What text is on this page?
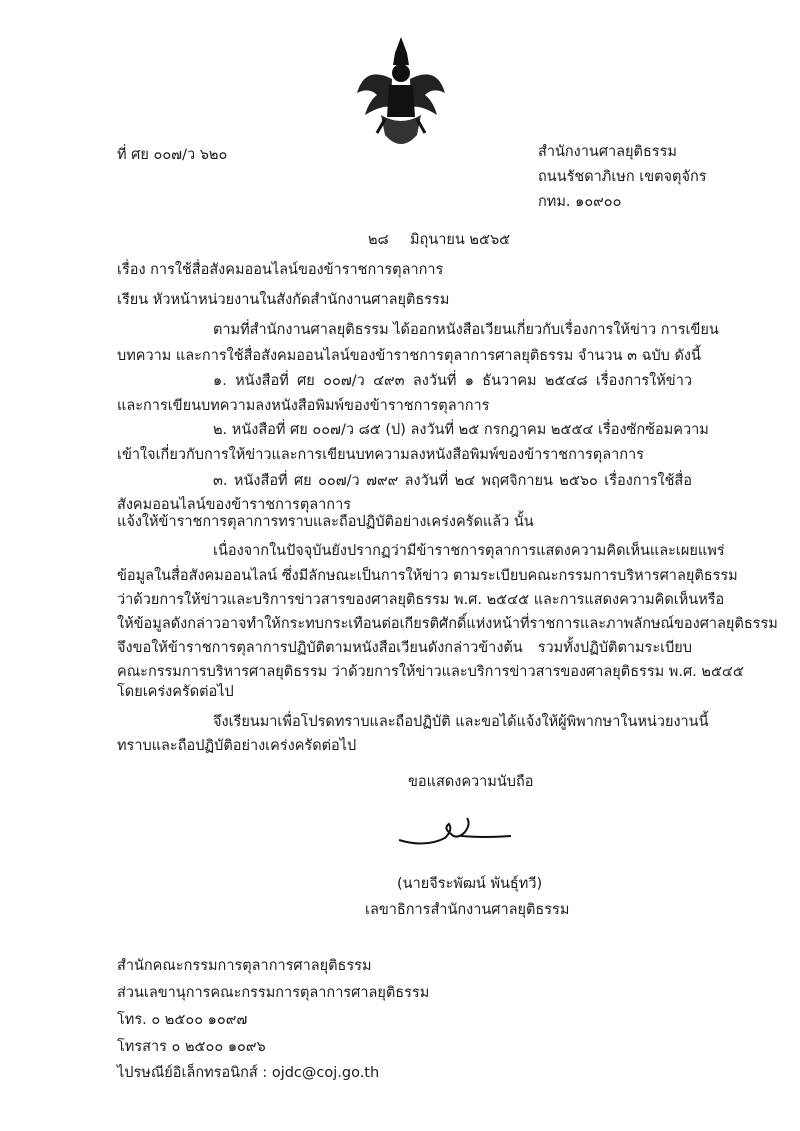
ที่ ศย ๐๐๗/ว ๖๒๐	สำนักงานศาลยุติธรรม
ถนนรัชดาภิเษก เขตจตุจักร
กทม. ๑๐๙๐๐
๒๘ มิถุนายน ๒๕๖๕
เรื่อง การใช้สื่อสังคมออนไลน์ของข้าราชการตุลาการ
เรียน หัวหน้าหน่วยงานในสังกัดสำนักงานศาลยุติธรรม
ตามที่สำนักงานศาลยุติธรรม ได้ออกหนังสือเวียนเกี่ยวกับเรื่องการให้ข่าว การเขียน
บทความ และการใช้สื่อสังคมออนไลน์ของข้าราชการตุลาการศาลยุติธรรม จำนวน ๓ ฉบับ ดังนี้
๑. หนังสือที่ ศย ๐๐๗/ว ๔๙๓ ลงวันที่ ๑ ธันวาคม ๒๕๔๘ เรื่องการให้ข่าว
และการเขียนบทความลงหนังสือพิมพ์ของข้าราชการตุลาการ
๒. หนังสือที่ ศย ๐๐๗/ว ๘๕ (ป) ลงวันที่ ๒๕ กรกฎาคม ๒๕๕๔ เรื่องซักซ้อมความ
เข้าใจเกี่ยวกับการให้ข่าวและการเขียนบทความลงหนังสือพิมพ์ของข้าราชการตุลาการ
๓. หนังสือที่ ศย ๐๐๗/ว ๗๙๙ ลงวันที่ ๒๔ พฤศจิกายน ๒๕๖๐ เรื่องการใช้สื่อ
สังคมออนไลน์ของข้าราชการตุลาการ
แจ้งให้ข้าราชการตุลาการทราบและถือปฏิบัติอย่างเคร่งครัดแล้ว นั้น
เนื่องจากในปัจจุบันยังปรากฏว่ามีข้าราชการตุลาการแสดงความคิดเห็นและเผยแพร่
ข้อมูลในสื่อสังคมออนไลน์ ซึ่งมีลักษณะเป็นการให้ข่าว ตามระเบียบคณะกรรมการบริหารศาลยุติธรรม
ว่าด้วยการให้ข่าวและบริการข่าวสารของศาลยุติธรรม พ.ศ. ๒๕๔๕ และการแสดงความคิดเห็นหรือ
ให้ข้อมูลดังกล่าวอาจทำให้กระทบกระเทือนต่อเกียรติศักดิ์แห่งหน้าที่ราชการและภาพลักษณ์ของศาลยุติธรรม
จึงขอให้ข้าราชการตุลาการปฏิบัติตามหนังสือเวียนดังกล่าวข้างต้น รวมทั้งปฏิบัติตามระเบียบ
คณะกรรมการบริหารศาลยุติธรรม ว่าด้วยการให้ข่าวและบริการข่าวสารของศาลยุติธรรม พ.ศ. ๒๕๔๕
โดยเคร่งครัดต่อไป
จึงเรียนมาเพื่อโปรดทราบและถือปฏิบัติ และขอได้แจ้งให้ผู้พิพากษาในหน่วยงานนี้
ทราบและถือปฏิบัติอย่างเคร่งครัดต่อไป
ขอแสดงความนับถือ
(นายจีระพัฒน์ พันธุ์ทวี)
เลขาธิการสำนักงานศาลยุติธรรม
สำนักคณะกรรมการตุลาการศาลยุติธรรม
ส่วนเลขานุการคณะกรรมการตุลาการศาลยุติธรรม
โทร. ๐ ๒๕๐๐ ๑๐๙๗
โทรสาร ๐ ๒๕๐๐ ๑๐๙๖
ไปรษณีย์อิเล็กทรอนิกส์ : ojdc@coj.go.th
